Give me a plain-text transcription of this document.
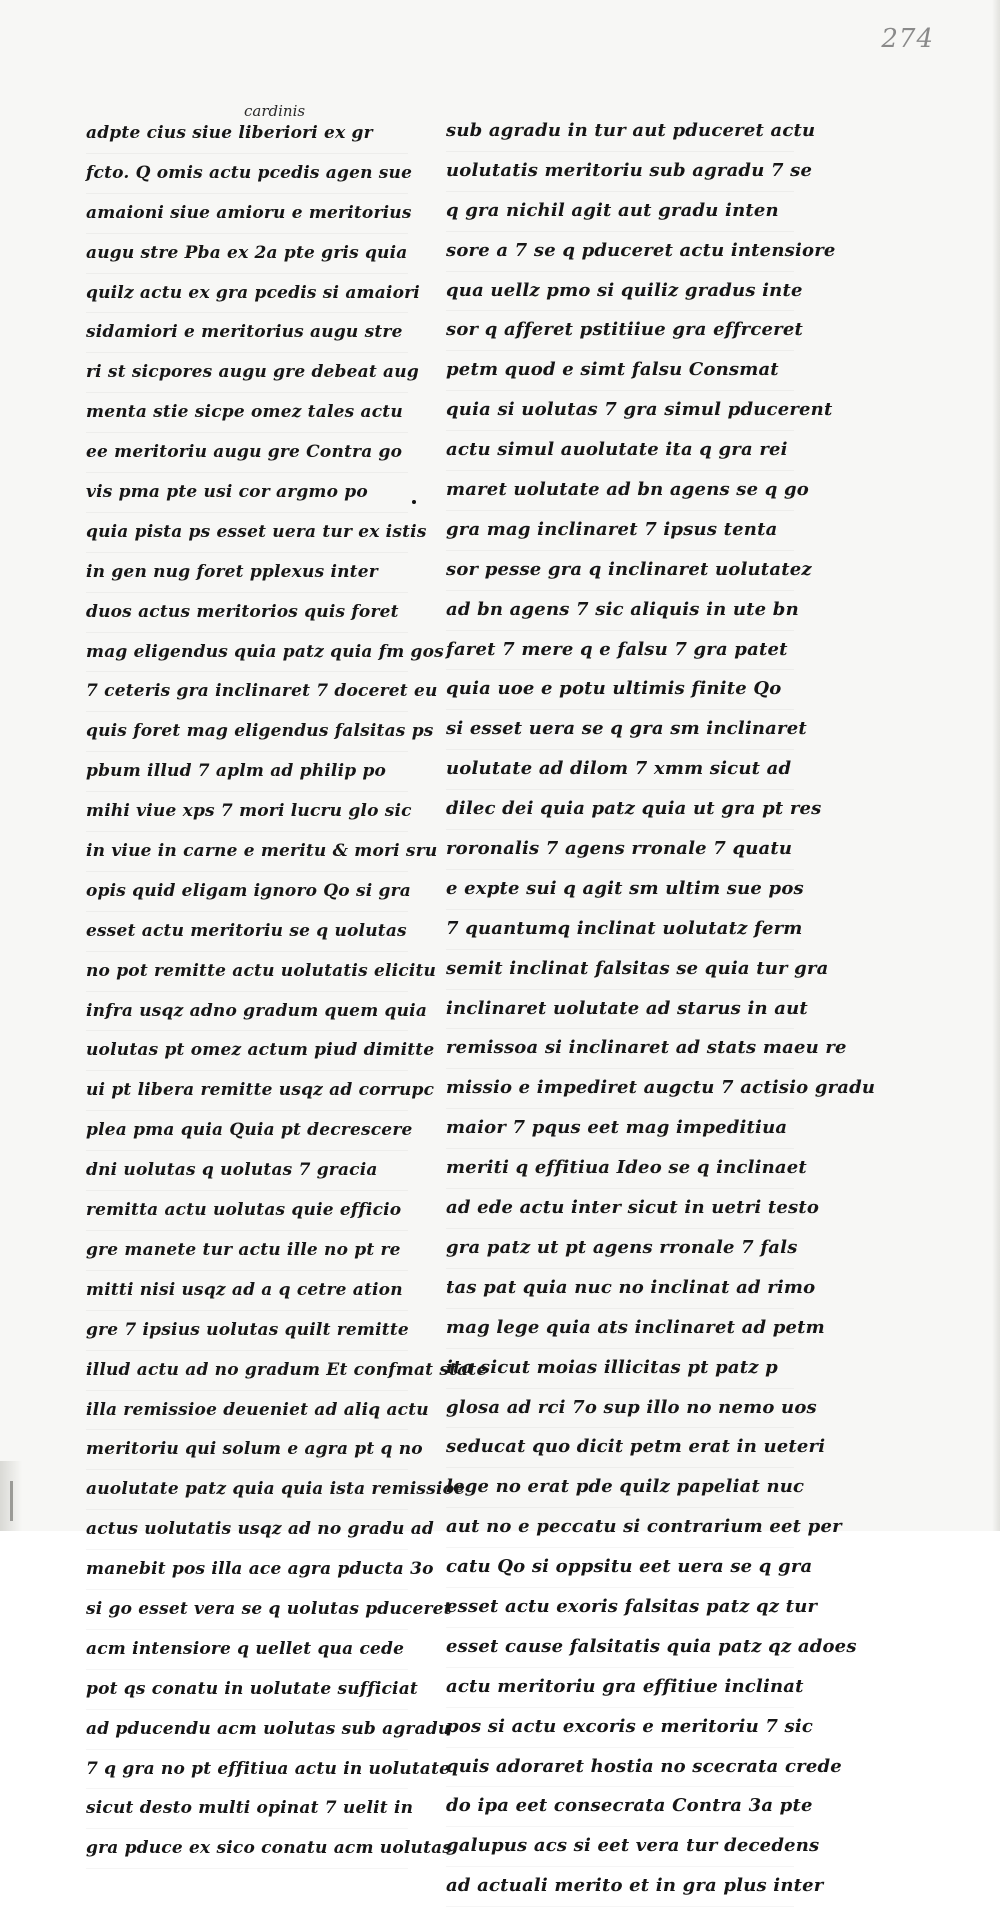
274
cardinis
adpte cius siue liberiori ex gr
fcto. Q omis actu pcedis agen sue
amaioni siue amioru e meritorius
augu stre Pba ex 2a pte gris quia
quilz actu ex gra pcedis si amaiori
sidamiori e meritorius augu stre
ri st sicpores augu gre debeat aug
menta stie sicpe omez tales actu
ee meritoriu augu gre Contra go
vis pma pte usi cor argmo po
quia pista ps esset uera tur ex istis
in gen nug foret pplexus inter
duos actus meritorios quis foret
mag eligendus quia patz quia fm gos
7 ceteris gra inclinaret 7 doceret eu
quis foret mag eligendus falsitas ps
pbum illud 7 aplm ad philip po
mihi viue xps 7 mori lucru glo sic
in viue in carne e meritu & mori sru
opis quid eligam ignoro Qo si gra
esset actu meritoriu se q uolutas
no pot remitte actu uolutatis elicitu
infra usqz adno gradum quem quia
uolutas pt omez actum piud dimitte
ui pt libera remitte usqz ad corrupc
plea pma quia Quia pt decrescere
dni uolutas q uolutas 7 gracia
remitta actu uolutas quie efficio
gre manete tur actu ille no pt re
mitti nisi usqz ad a q cetre ation
gre 7 ipsius uolutas quilt remitte
illud actu ad no gradum Et confmat state
illa remissioe deueniet ad aliq actu
meritoriu qui solum e agra pt q no
auolutate patz quia quia ista remissioe
actus uolutatis usqz ad no gradu ad
manebit pos illa ace agra pducta 3o
si go esset vera se q uolutas pduceret
acm intensiore q uellet qua cede
pot qs conatu in uolutate sufficiat
ad pducendu acm uolutas sub agradu
7 q gra no pt effitiua actu in uolutate
sicut desto multi opinat 7 uelit in
gra pduce ex sico conatu acm uolutas
sub agradu in tur aut pduceret actu
uolutatis meritoriu sub agradu 7 se
q gra nichil agit aut gradu inten
sore a 7 se q pduceret actu intensiore
qua uellz pmo si quiliz gradus inte
sor q afferet pstitiiue gra effrceret
petm quod e simt falsu Consmat
quia si uolutas 7 gra simul pducerent
actu simul auolutate ita q gra rei
maret uolutate ad bn agens se q go
gra mag inclinaret 7 ipsus tenta
sor pesse gra q inclinaret uolutatez
ad bn agens 7 sic aliquis in ute bn
faret 7 mere q e falsu 7 gra patet
quia uoe e potu ultimis finite Qo
si esset uera se q gra sm inclinaret
uolutate ad dilom 7 xmm sicut ad
dilec dei quia patz quia ut gra pt res
roronalis 7 agens rronale 7 quatu
e expte sui q agit sm ultim sue pos
7 quantumq inclinat uolutatz ferm
semit inclinat falsitas se quia tur gra
inclinaret uolutate ad starus in aut
remissoa si inclinaret ad stats maeu re
missio e impediret augctu 7 actisio gradu
maior 7 pqus eet mag impeditiua
meriti q effitiua Ideo se q inclinaet
ad ede actu inter sicut in uetri testo
gra patz ut pt agens rronale 7 fals
tas pat quia nuc no inclinat ad rimo
mag lege quia ats inclinaret ad petm
ita sicut moias illicitas pt patz p
glosa ad rci 7o sup illo no nemo uos
seducat quo dicit petm erat in ueteri
lege no erat pde quilz papeliat nuc
aut no e peccatu si contrarium eet per
catu Qo si oppsitu eet uera se q gra
esset actu exoris falsitas patz qz tur
esset cause falsitatis quia patz qz adoes
actu meritoriu gra effitiue inclinat
pos si actu excoris e meritoriu 7 sic
quis adoraret hostia no scecrata crede
do ipa eet consecrata Contra 3a pte
galupus acs si eet vera tur decedens
ad actuali merito et in gra plus inter
